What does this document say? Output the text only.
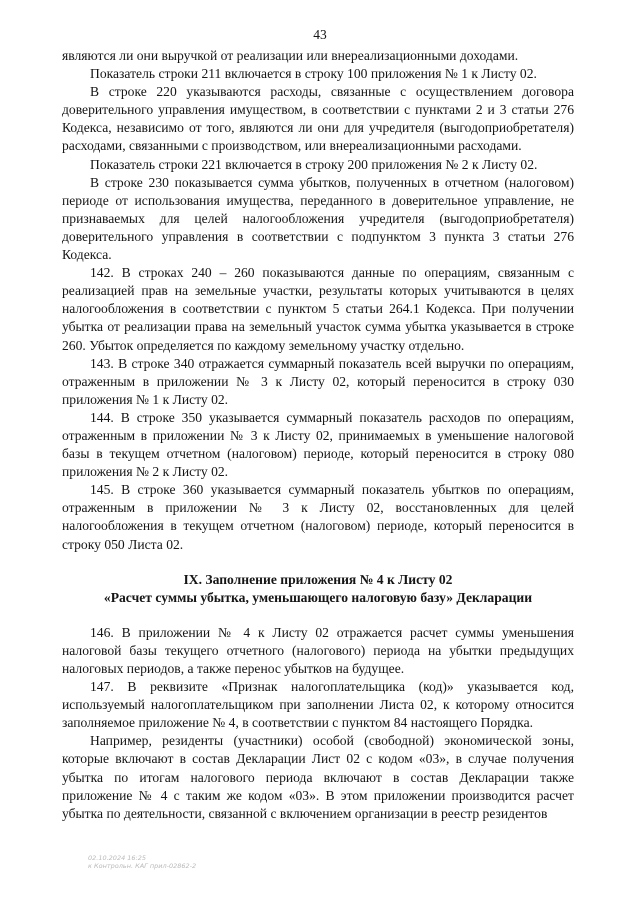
43

являются ли они выручкой от реализации или внереализационными доходами.

Показатель строки 211 включается в строку 100 приложения № 1 к Листу 02.

В строке 220 указываются расходы, связанные с осуществлением договора доверительного управления имуществом, в соответствии с пунктами 2 и 3 статьи 276 Кодекса, независимо от того, являются ли они для учредителя (выгодоприобретателя) расходами, связанными с производством, или внереализационными расходами.

Показатель строки 221 включается в строку 200 приложения № 2 к Листу 02.

В строке 230 показывается сумма убытков, полученных в отчетном (налоговом) периоде от использования имущества, переданного в доверительное управление, не признаваемых для целей налогообложения учредителя (выгодоприобретателя) доверительного управления в соответствии с подпунктом 3 пункта 3 статьи 276 Кодекса.

142. В строках 240 – 260 показываются данные по операциям, связанным с реализацией прав на земельные участки, результаты которых учитываются в целях налогообложения в соответствии с пунктом 5 статьи 264.1 Кодекса. При получении убытка от реализации права на земельный участок сумма убытка указывается в строке 260. Убыток определяется по каждому земельному участку отдельно.

143. В строке 340 отражается суммарный показатель всей выручки по операциям, отраженным в приложении № 3 к Листу 02, который переносится в строку 030 приложения № 1 к Листу 02.

144. В строке 350 указывается суммарный показатель расходов по операциям, отраженным в приложении № 3 к Листу 02, принимаемых в уменьшение налоговой базы в текущем отчетном (налоговом) периоде, который переносится в строку 080 приложения № 2 к Листу 02.

145. В строке 360 указывается суммарный показатель убытков по операциям, отраженным в приложении № 3 к Листу 02, восстановленных для целей налогообложения в текущем отчетном (налоговом) периоде, который переносится в строку 050 Листа 02.

IX. Заполнение приложения № 4 к Листу 02
«Расчет суммы убытка, уменьшающего налоговую базу» Декларации

146. В приложении № 4 к Листу 02 отражается расчет суммы уменьшения налоговой базы текущего отчетного (налогового) периода на убытки предыдущих налоговых периодов, а также перенос убытков на будущее.

147. В реквизите «Признак налогоплательщика (код)» указывается код, используемый налогоплательщиком при заполнении Листа 02, к которому относится заполняемое приложение № 4, в соответствии с пунктом 84 настоящего Порядка.

Например, резиденты (участники) особой (свободной) экономической зоны, которые включают в состав Декларации Лист 02 с кодом «03», в случае получения убытка по итогам налогового периода включают в состав Декларации также приложение № 4 с таким же кодом «03». В этом приложении производится расчет убытка по деятельности, связанной с включением организации в реестр резидентов

02.10.2024 16:25
к Контрольн. КАГ прил-02862-2
